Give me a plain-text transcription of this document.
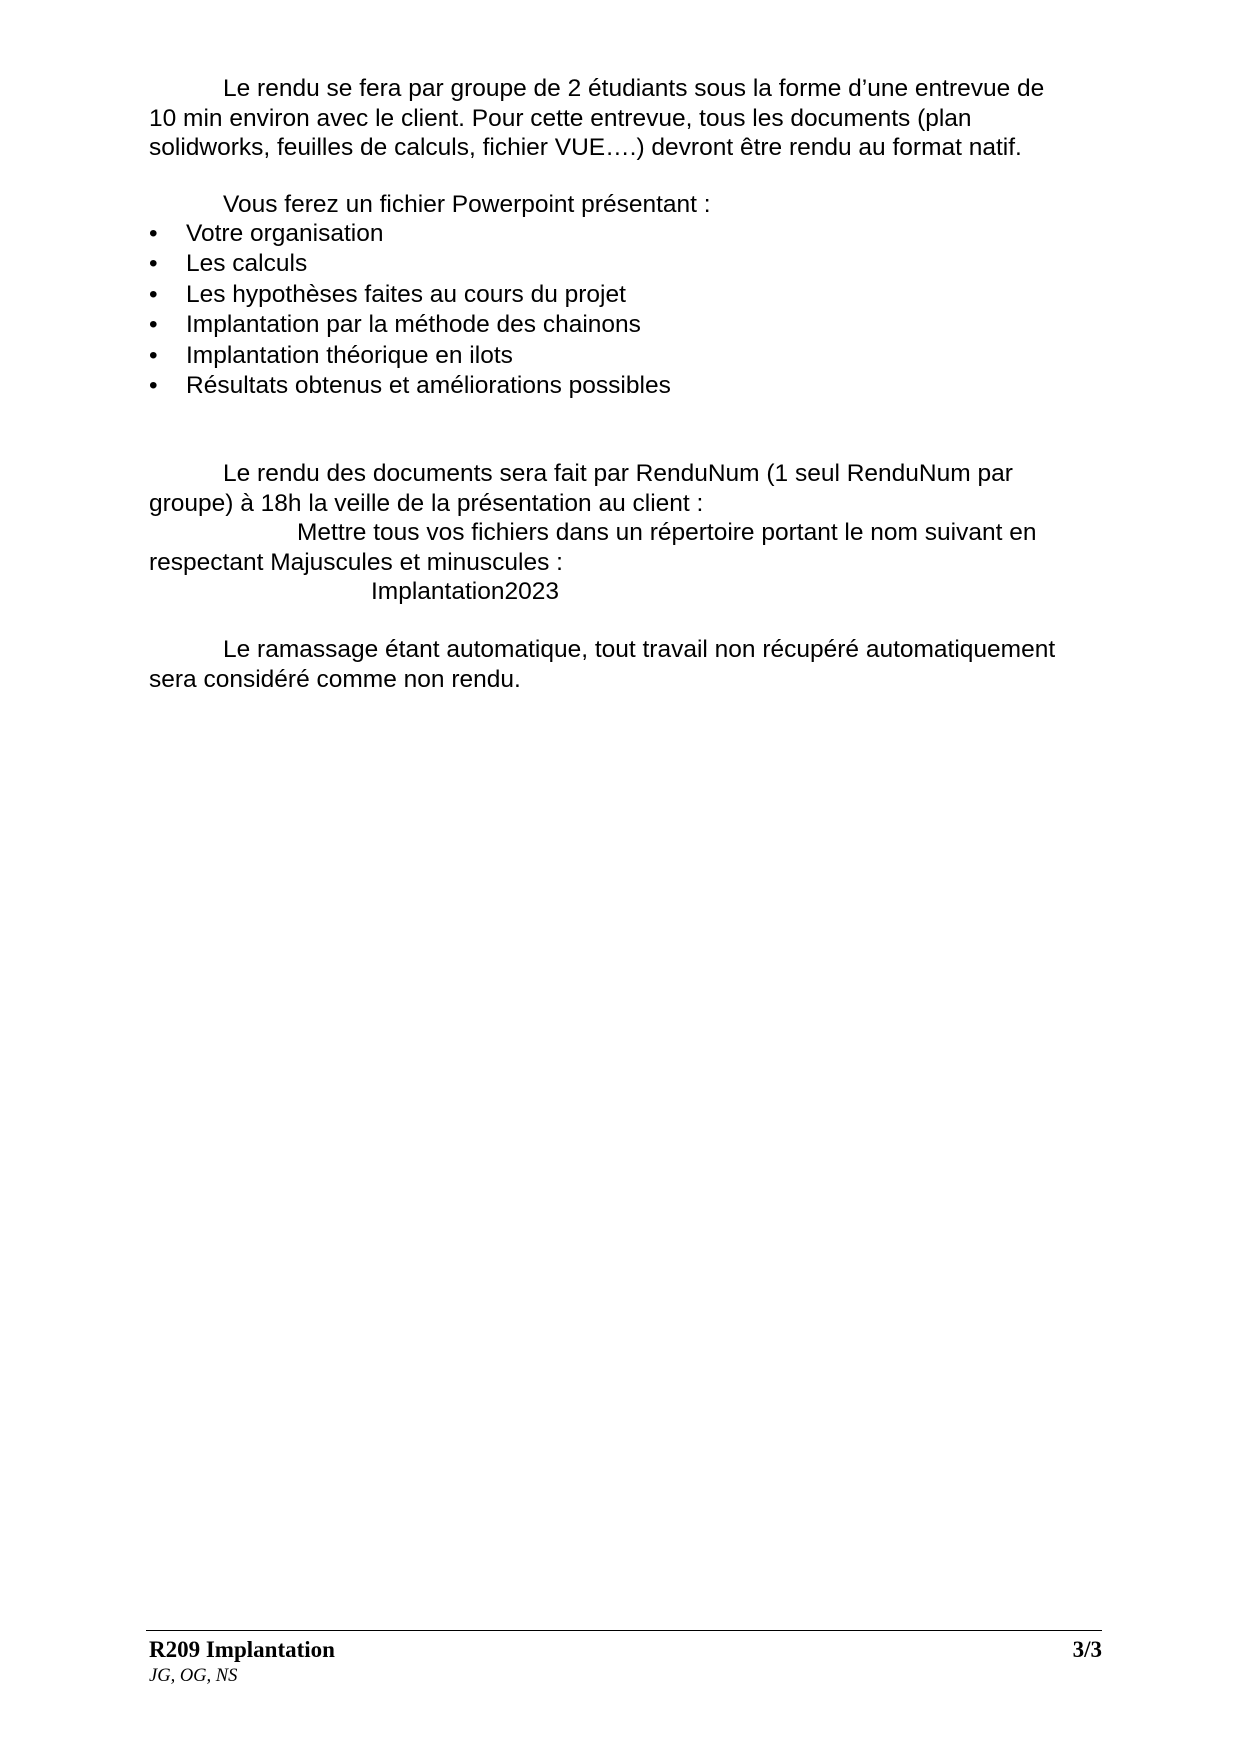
Le rendu se fera par groupe de 2 étudiants sous la forme d’une entrevue de
10 min environ avec le client. Pour cette entrevue, tous les documents (plan
solidworks, feuilles de calculs, fichier VUE….) devront être rendu au format natif.
Vous ferez un fichier Powerpoint présentant :
•	Votre organisation
•	Les calculs
•	Les hypothèses faites au cours du projet
•	Implantation par la méthode des chainons
•	Implantation théorique en ilots
•	Résultats obtenus et améliorations possibles
Le rendu des documents sera fait par RenduNum (1 seul RenduNum par
groupe) à 18h la veille de la présentation au client :
Mettre tous vos fichiers dans un répertoire portant le nom suivant en
respectant Majuscules et minuscules :
Implantation2023
Le ramassage étant automatique, tout travail non récupéré automatiquement
sera considéré comme non rendu.
R209 Implantation	3/3
JG, OG, NS
